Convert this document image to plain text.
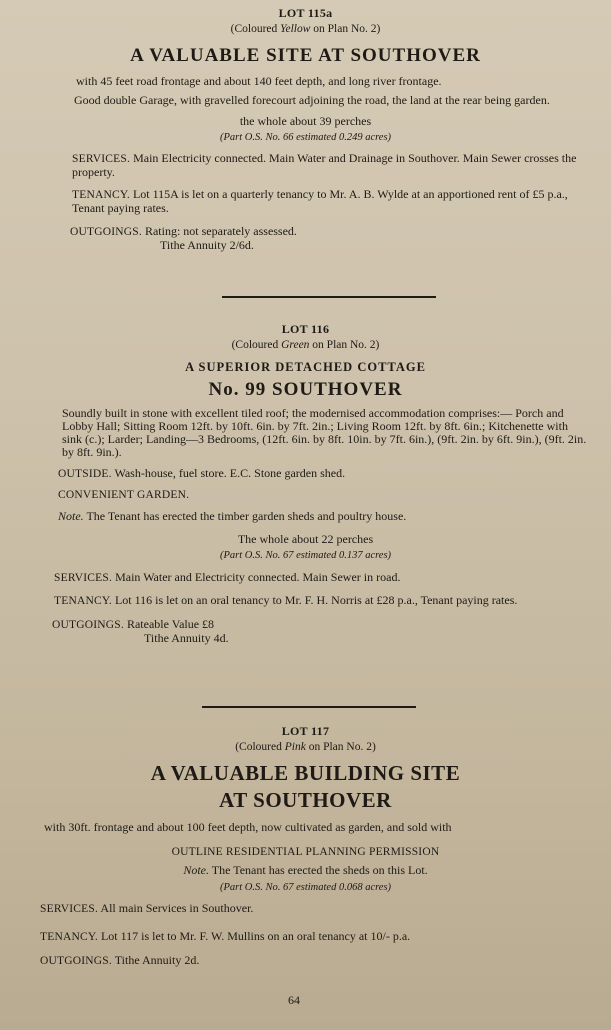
LOT 115a
(Coloured Yellow on Plan No. 2)
A VALUABLE SITE AT SOUTHOVER

with 45 feet road frontage and about 140 feet depth, and long river frontage.

Good double Garage, with gravelled forecourt adjoining the road, the land at the rear being garden.

the whole about 39 perches

(Part O.S. No. 66 estimated 0.249 acres)

SERVICES. Main Electricity connected. Main Water and Drainage in Southover. Main Sewer crosses the property.

TENANCY. Lot 115A is let on a quarterly tenancy to Mr. A. B. Wylde at an apportioned rent of £5 p.a., Tenant paying rates.

OUTGOINGS. Rating: not separately assessed.

Tithe Annuity 2/6d.

LOT 116
(Coloured Green on Plan No. 2)
A SUPERIOR DETACHED COTTAGE
No. 99 SOUTHOVER

Soundly built in stone with excellent tiled roof; the modernised accommodation comprises:— Porch and Lobby Hall; Sitting Room 12ft. by 10ft. 6in. by 7ft. 2in.; Living Room 12ft. by 8ft. 6in.; Kitchenette with sink (c.); Larder; Landing—3 Bedrooms, (12ft. 6in. by 8ft. 10in. by 7ft. 6in.), (9ft. 2in. by 6ft. 9in.), (9ft. 2in. by 8ft. 9in.).

OUTSIDE. Wash-house, fuel store. E.C. Stone garden shed.

CONVENIENT GARDEN.

Note. The Tenant has erected the timber garden sheds and poultry house.

The whole about 22 perches

(Part O.S. No. 67 estimated 0.137 acres)

SERVICES. Main Water and Electricity connected. Main Sewer in road.

TENANCY. Lot 116 is let on an oral tenancy to Mr. F. H. Norris at £28 p.a., Tenant paying rates.

OUTGOINGS. Rateable Value £8

Tithe Annuity 4d.

LOT 117
(Coloured Pink on Plan No. 2)
A VALUABLE BUILDING SITE
AT SOUTHOVER

with 30ft. frontage and about 100 feet depth, now cultivated as garden, and sold with

OUTLINE RESIDENTIAL PLANNING PERMISSION

Note. The Tenant has erected the sheds on this Lot.

(Part O.S. No. 67 estimated 0.068 acres)

SERVICES. All main Services in Southover.

TENANCY. Lot 117 is let to Mr. F. W. Mullins on an oral tenancy at 10/- p.a.

OUTGOINGS. Tithe Annuity 2d.

64
